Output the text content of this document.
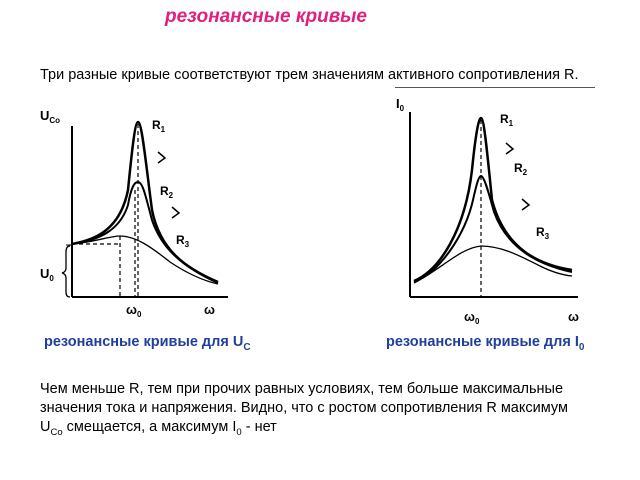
резонансные кривые
Три разные кривые соответствуют трем значениям активного сопротивления R.
$U_{Co}$
$U_0$
$R_1$
$R_2$
$R_3$
$\omega_0$	ω
$I_0$
$R_1$
$R_2$
$R_3$
$\omega_0$	ω
резонансные кривые для $U_C$	резонансные кривые для $I_0$
Чем меньше R, тем при прочих равных условиях, тем больше максимальные
значения тока и напряжения. Видно, что с ростом сопротивления R максимум
$U_{Co}$ смещается, а максимум $I_0$ - нет
